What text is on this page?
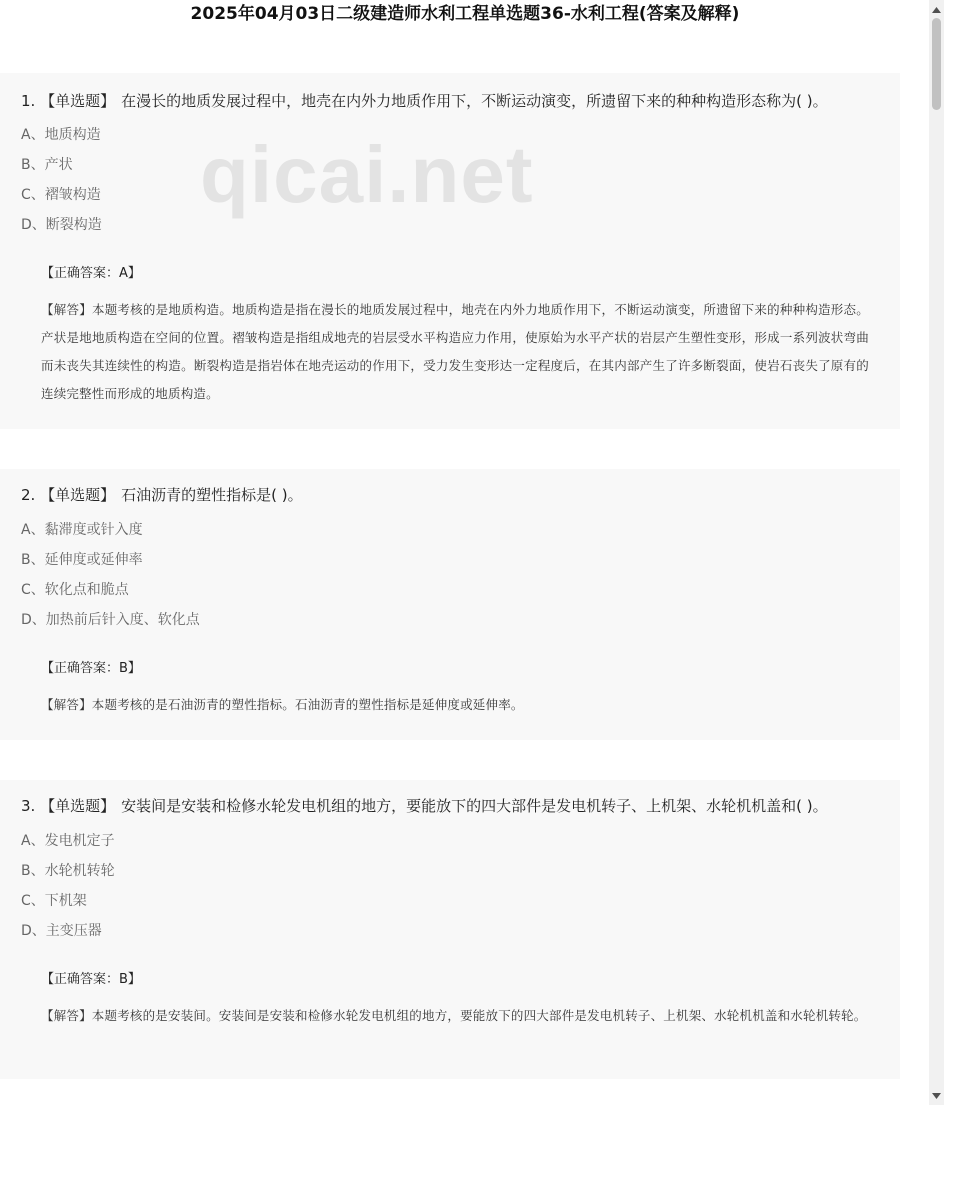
2025年04月03日二级建造师水利工程单选题36-水利工程(答案及解释)
1. 【单选题】 在漫长的地质发展过程中，地壳在内外力地质作用下，不断运动演变，所遗留下来的种种构造形态称为( )。
A、地质构造
B、产状
C、褶皱构造
D、断裂构造
【正确答案：A】
【解答】本题考核的是地质构造。地质构造是指在漫长的地质发展过程中，地壳在内外力地质作用下，不断运动演变，所遗留下来的种种构造形态。产状是地地质构造在空间的位置。褶皱构造是指组成地壳的岩层受水平构造应力作用，使原始为水平产状的岩层产生塑性变形，形成一系列波状弯曲而未丧失其连续性的构造。断裂构造是指岩体在地壳运动的作用下，受力发生变形达一定程度后，在其内部产生了许多断裂面，使岩石丧失了原有的连续完整性而形成的地质构造。
2. 【单选题】 石油沥青的塑性指标是( )。
A、黏滞度或针入度
B、延伸度或延伸率
C、软化点和脆点
D、加热前后针入度、软化点
【正确答案：B】
【解答】本题考核的是石油沥青的塑性指标。石油沥青的塑性指标是延伸度或延伸率。
3. 【单选题】 安装间是安装和检修水轮发电机组的地方，要能放下的四大部件是发电机转子、上机架、水轮机机盖和( )。
A、发电机定子
B、水轮机转轮
C、下机架
D、主变压器
【正确答案：B】
【解答】本题考核的是安装间。安装间是安装和检修水轮发电机组的地方，要能放下的四大部件是发电机转子、上机架、水轮机机盖和水轮机转轮。
qicai.net
